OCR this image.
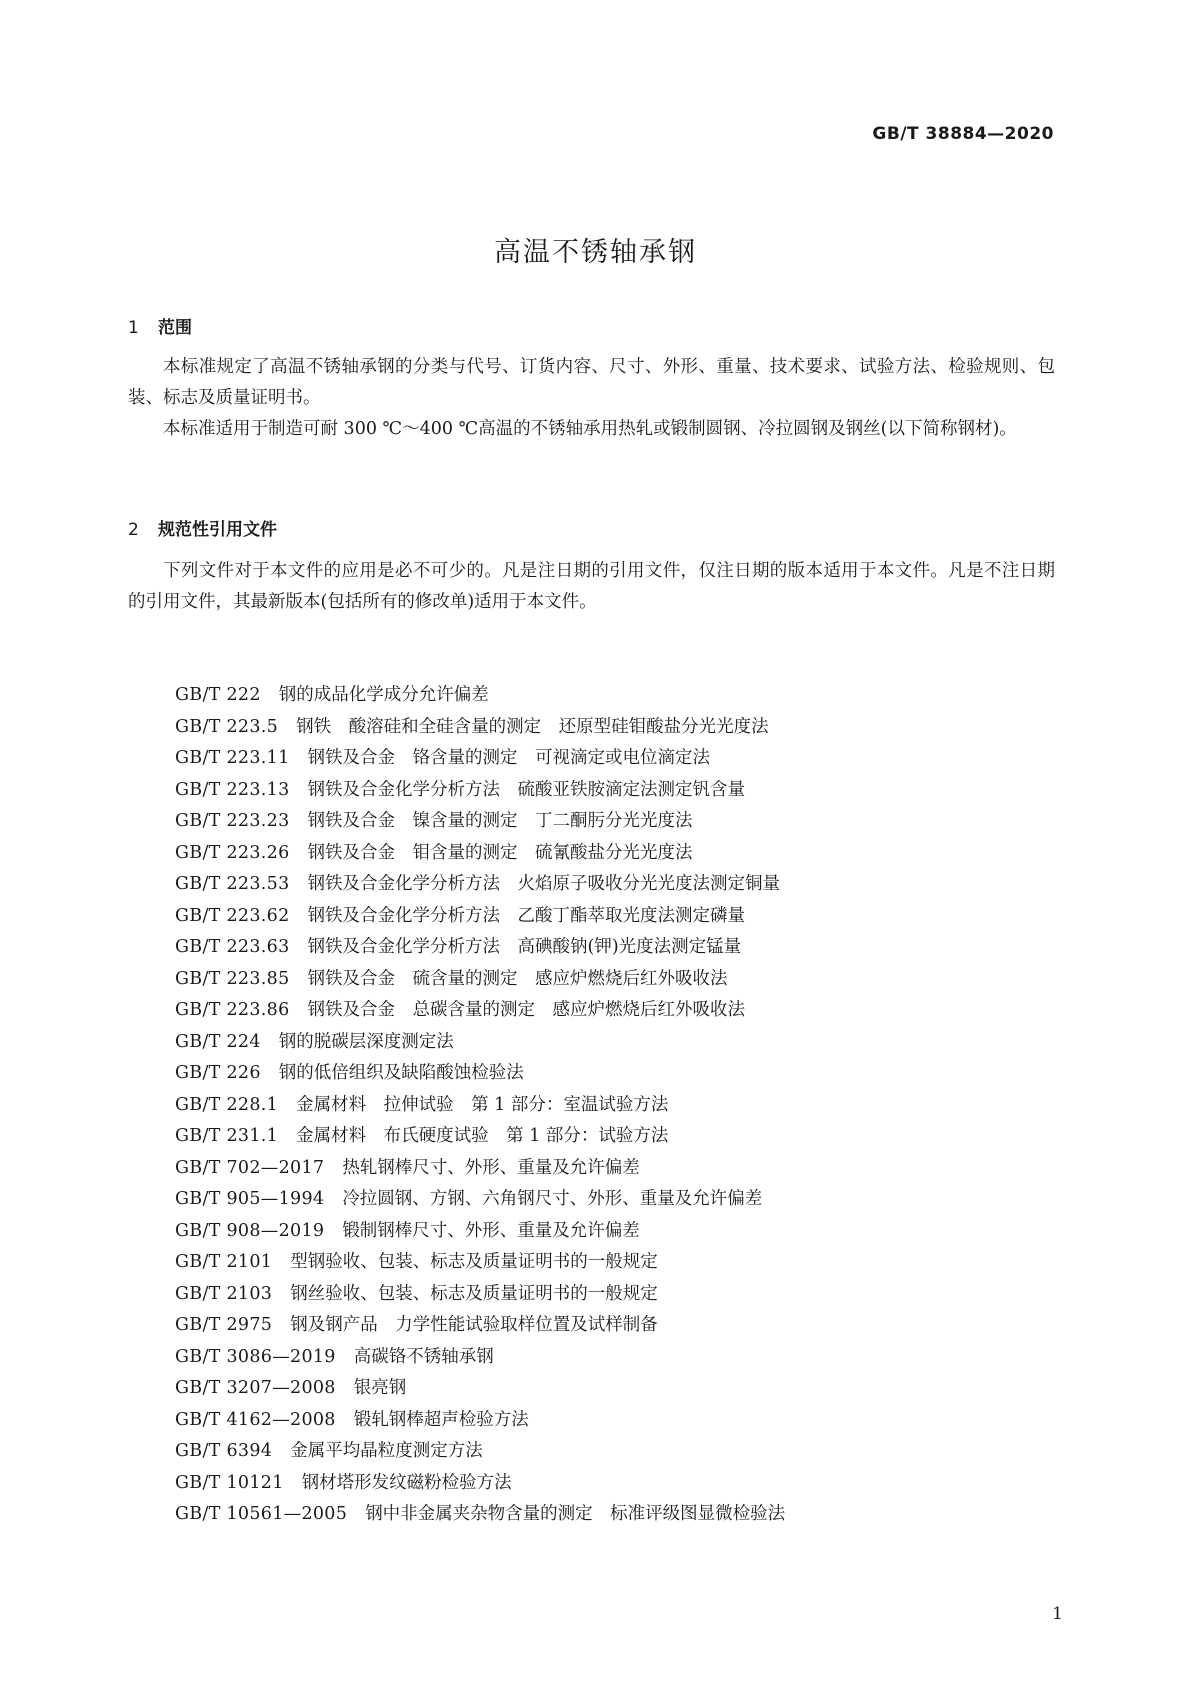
GB/T 38884—2020
高温不锈轴承钢
1 范围

本标准规定了高温不锈轴承钢的分类与代号、订货内容、尺寸、外形、重量、技术要求、试验方法、检验规则、包装、标志及质量证明书。

本标准适用于制造可耐 300 ℃～400 ℃高温的不锈轴承用热轧或锻制圆钢、冷拉圆钢及钢丝(以下简称钢材)。

2 规范性引用文件

下列文件对于本文件的应用是必不可少的。凡是注日期的引用文件，仅注日期的版本适用于本文件。凡是不注日期的引用文件，其最新版本(包括所有的修改单)适用于本文件。

GB/T 222 钢的成品化学成分允许偏差
GB/T 223.5 钢铁　酸溶硅和全硅含量的测定　还原型硅钼酸盐分光光度法
GB/T 223.11 钢铁及合金　铬含量的测定　可视滴定或电位滴定法
GB/T 223.13 钢铁及合金化学分析方法　硫酸亚铁胺滴定法测定钒含量
GB/T 223.23 钢铁及合金　镍含量的测定　丁二酮肟分光光度法
GB/T 223.26 钢铁及合金　钼含量的测定　硫氰酸盐分光光度法
GB/T 223.53 钢铁及合金化学分析方法　火焰原子吸收分光光度法测定铜量
GB/T 223.62 钢铁及合金化学分析方法　乙酸丁酯萃取光度法测定磷量
GB/T 223.63 钢铁及合金化学分析方法　高碘酸钠(钾)光度法测定锰量
GB/T 223.85 钢铁及合金　硫含量的测定　感应炉燃烧后红外吸收法
GB/T 223.86 钢铁及合金　总碳含量的测定　感应炉燃烧后红外吸收法
GB/T 224 钢的脱碳层深度测定法
GB/T 226 钢的低倍组织及缺陷酸蚀检验法
GB/T 228.1 金属材料　拉伸试验　第 1 部分：室温试验方法
GB/T 231.1 金属材料　布氏硬度试验　第 1 部分：试验方法
GB/T 702—2017 热轧钢棒尺寸、外形、重量及允许偏差
GB/T 905—1994 冷拉圆钢、方钢、六角钢尺寸、外形、重量及允许偏差
GB/T 908—2019 锻制钢棒尺寸、外形、重量及允许偏差
GB/T 2101 型钢验收、包装、标志及质量证明书的一般规定
GB/T 2103 钢丝验收、包装、标志及质量证明书的一般规定
GB/T 2975 钢及钢产品　力学性能试验取样位置及试样制备
GB/T 3086—2019 高碳铬不锈轴承钢
GB/T 3207—2008 银亮钢
GB/T 4162—2008 锻轧钢棒超声检验方法
GB/T 6394 金属平均晶粒度测定方法
GB/T 10121 钢材塔形发纹磁粉检验方法
GB/T 10561—2005 钢中非金属夹杂物含量的测定　标准评级图显微检验法
1
